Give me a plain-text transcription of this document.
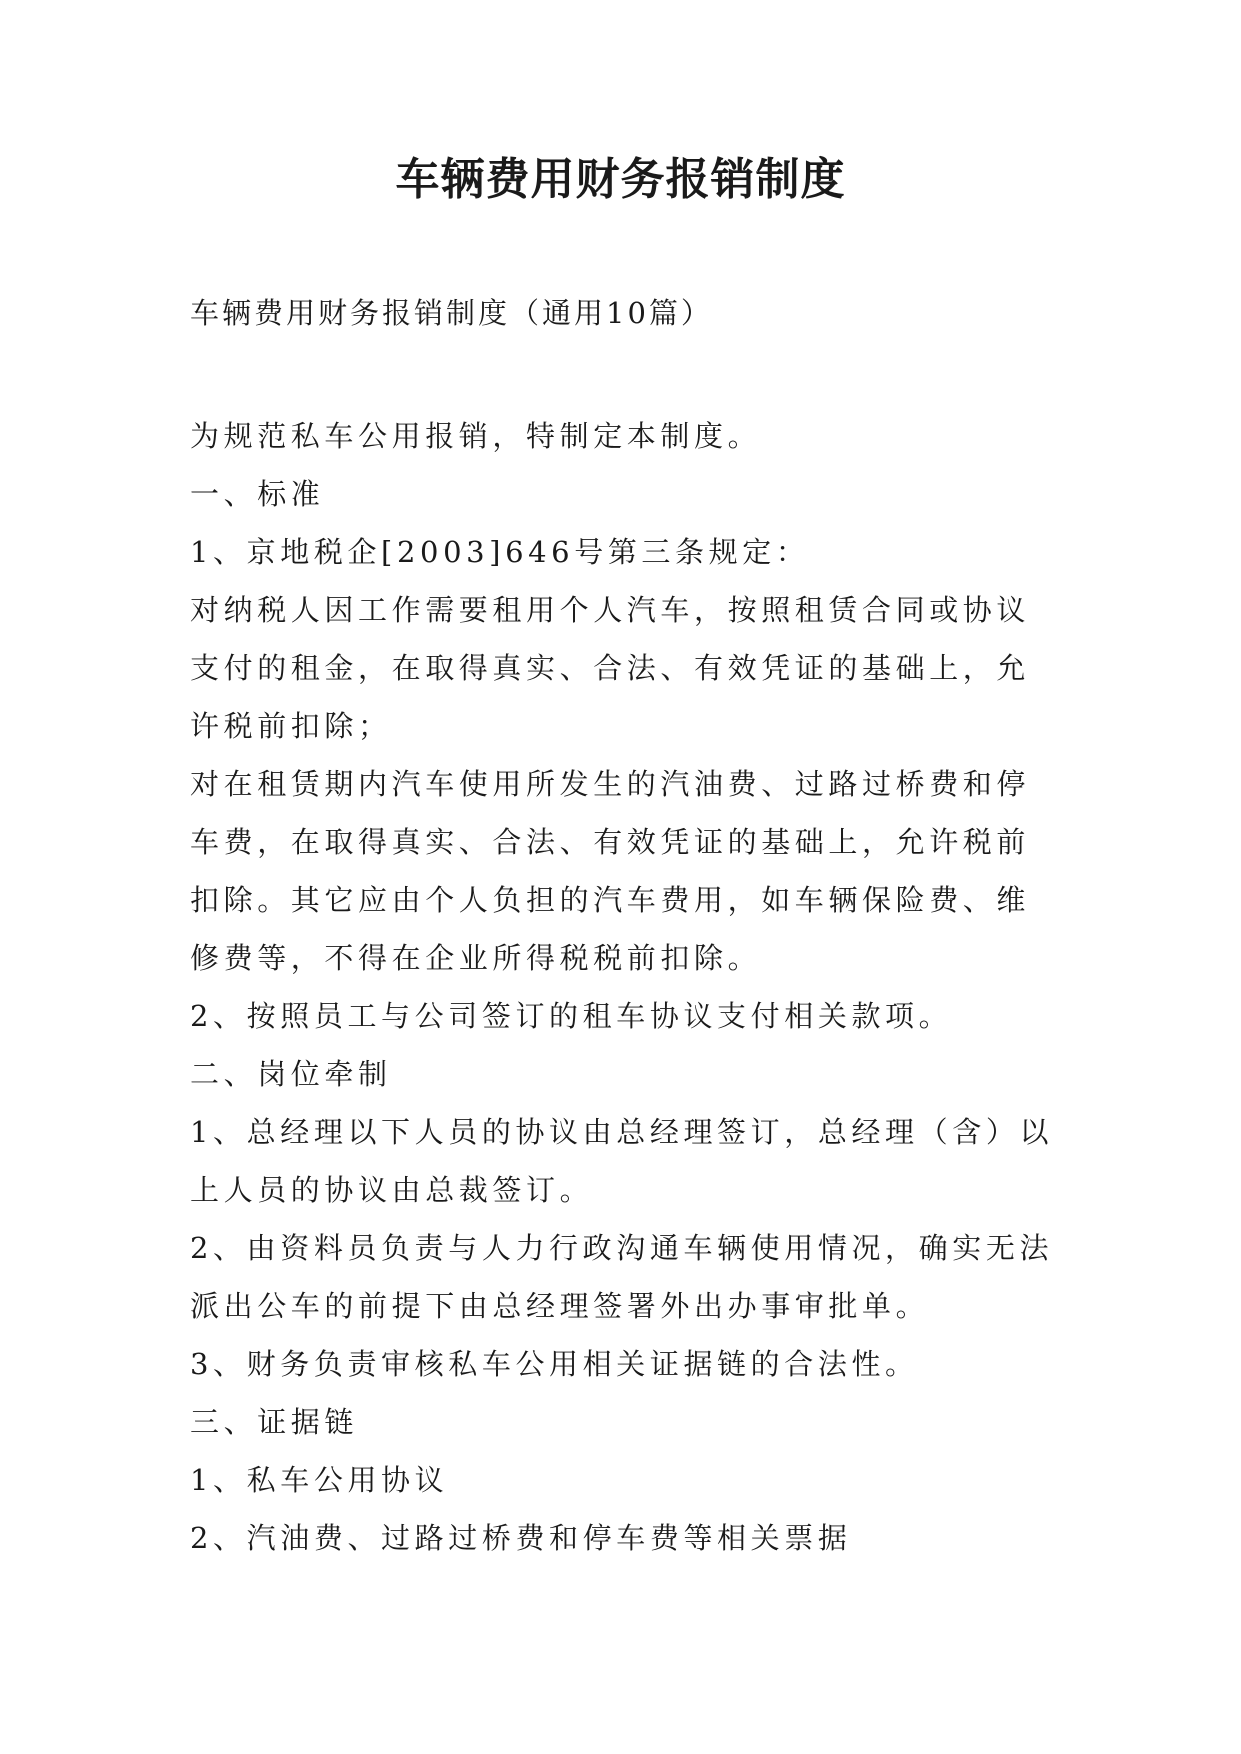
车辆费用财务报销制度

车辆费用财务报销制度（通用10篇）

为规范私车公用报销，特制定本制度。

一、标准

1、京地税企[2003]646号第三条规定：

对纳税人因工作需要租用个人汽车，按照租赁合同或协议支付的租金，在取得真实、合法、有效凭证的基础上，允许税前扣除；

对在租赁期内汽车使用所发生的汽油费、过路过桥费和停车费，在取得真实、合法、有效凭证的基础上，允许税前扣除。其它应由个人负担的汽车费用，如车辆保险费、维修费等，不得在企业所得税税前扣除。

2、按照员工与公司签订的租车协议支付相关款项。

二、岗位牵制

1、总经理以下人员的协议由总经理签订，总经理（含）以上人员的协议由总裁签订。

2、由资料员负责与人力行政沟通车辆使用情况，确实无法派出公车的前提下由总经理签署外出办事审批单。

3、财务负责审核私车公用相关证据链的合法性。

三、证据链

1、私车公用协议

2、汽油费、过路过桥费和停车费等相关票据
